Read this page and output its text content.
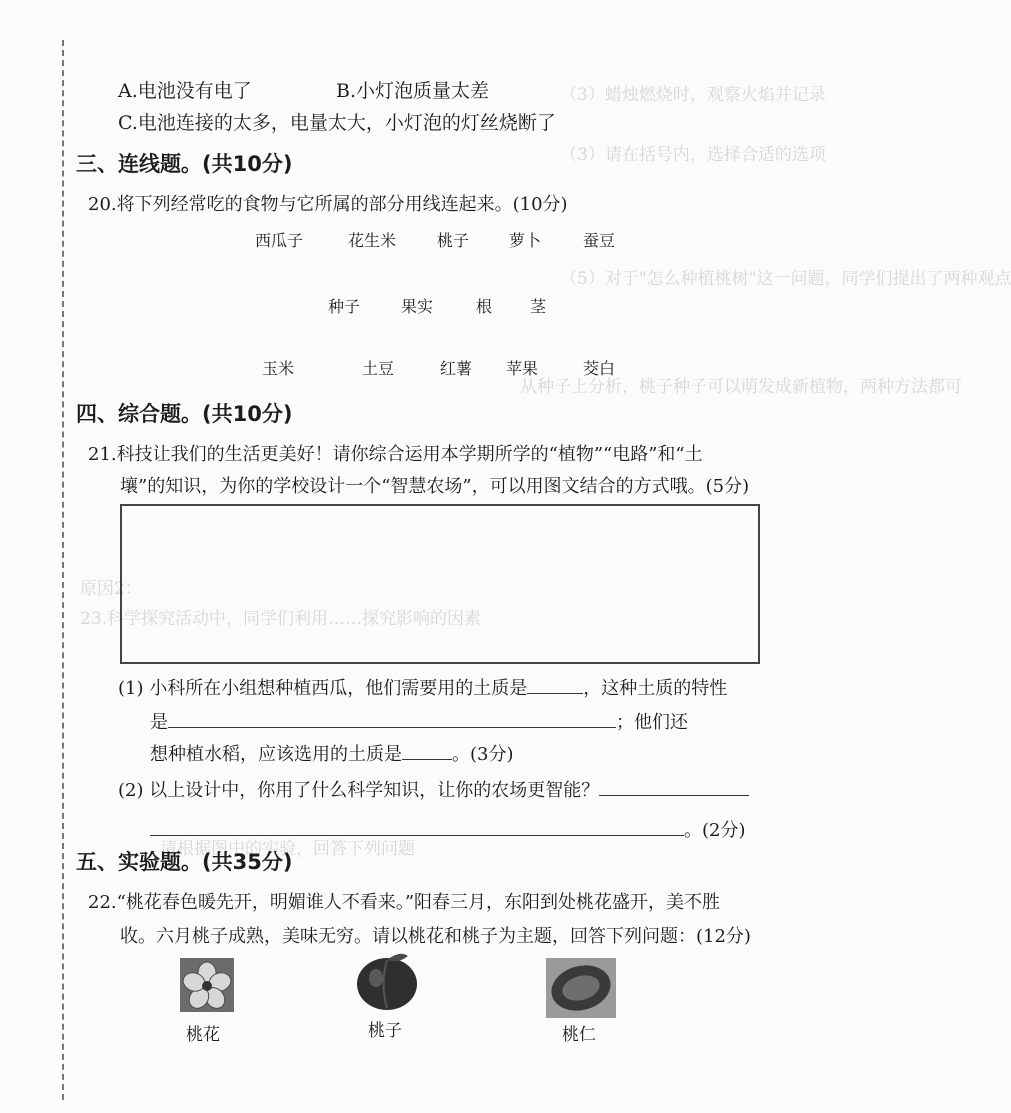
（3）蜡烛燃烧时，观察火焰并记录
（3）请在括号内，选择合适的选项
（5）对于"怎么种植桃树"这一问题，同学们提出了两种观点
从种子上分析，桃子种子可以萌发成新植物，两种方法都可
原因2：
23.科学探究活动中，同学们利用……探究影响的因素
请根据图中的实验，回答下列问题
A.电池没有电了	B.小灯泡质量太差
C.电池连接的太多，电量太大，小灯泡的灯丝烧断了
三、连线题。(共10分)
20.将下列经常吃的食物与它所属的部分用线连起来。(10分)
西瓜子	花生米	桃子 萝卜	蚕豆
种子	果实	根 茎
玉米	土豆	红薯 苹果	茭白
四、综合题。(共10分)
21.科技让我们的生活更美好！请你综合运用本学期所学的“植物”“电路”和“土
壤”的知识，为你的学校设计一个“智慧农场”，可以用图文结合的方式哦。(5分)
(1) 小科所在小组想种植西瓜，他们需要用的土质是	，这种土质的特性
是	；他们还
想种植水稻，应该选用的土质是	。(3分)
(2) 以上设计中，你用了什么科学知识，让你的农场更智能？
。(2分)
五、实验题。(共35分)
22.“桃花春色暖先开，明媚谁人不看来。”阳春三月，东阳到处桃花盛开，美不胜
收。六月桃子成熟，美味无穷。请以桃花和桃子为主题，回答下列问题：(12分)
桃花	桃子	桃仁
